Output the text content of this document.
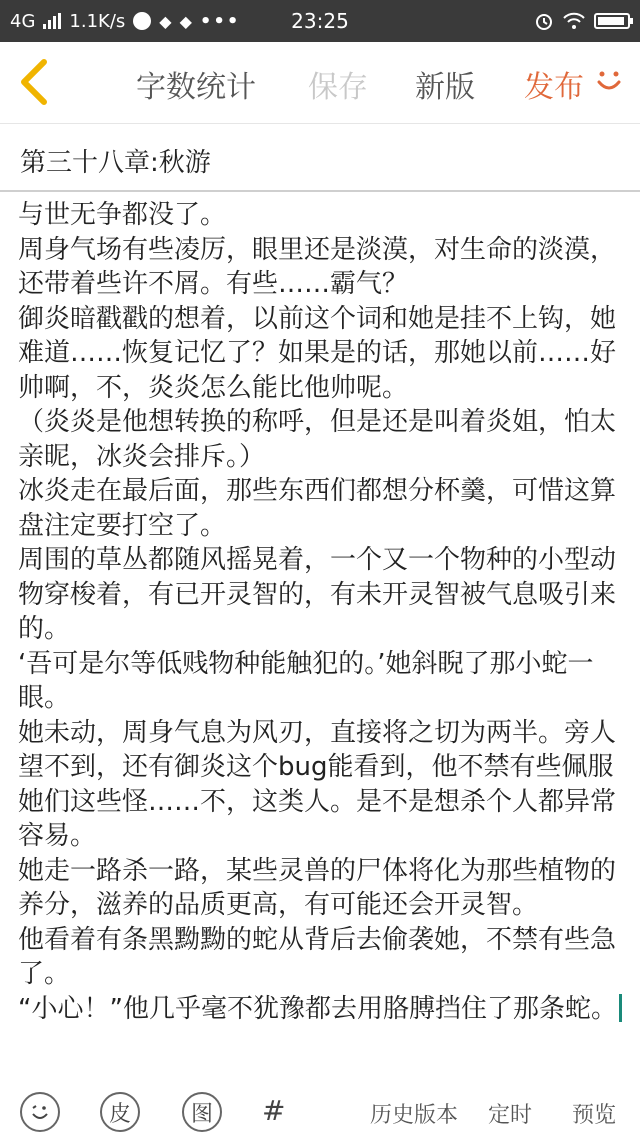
4G 1.1K/s ◆ ◆ •••	23:25
字数统计 保存 新版 发布
第三十八章:秋游

与世无争都没了。

周身气场有些凌厉，眼里还是淡漠，对生命的淡漠，还带着些许不屑。有些……霸气？

御炎暗戳戳的想着，以前这个词和她是挂不上钩，她难道……恢复记忆了？如果是的话，那她以前……好帅啊，不，炎炎怎么能比他帅呢。

（炎炎是他想转换的称呼，但是还是叫着炎姐，怕太亲昵，冰炎会排斥。）

冰炎走在最后面，那些东西们都想分杯羹，可惜这算盘注定要打空了。

周围的草丛都随风摇晃着，一个又一个物种的小型动物穿梭着，有已开灵智的，有未开灵智被气息吸引来的。

‘吾可是尔等低贱物种能触犯的。’她斜睨了那小蛇一眼。

她未动，周身气息为风刃，直接将之切为两半。旁人望不到，还有御炎这个bug能看到，他不禁有些佩服她们这些怪……不，这类人。是不是想杀个人都异常容易。

她走一路杀一路，某些灵兽的尸体将化为那些植物的养分，滋养的品质更高，有可能还会开灵智。

他看着有条黑黝黝的蛇从背后去偷袭她，不禁有些急了。

“小心！”他几乎毫不犹豫都去用胳膊挡住了那条蛇。

皮	图	#	历史版本 定时 预览
